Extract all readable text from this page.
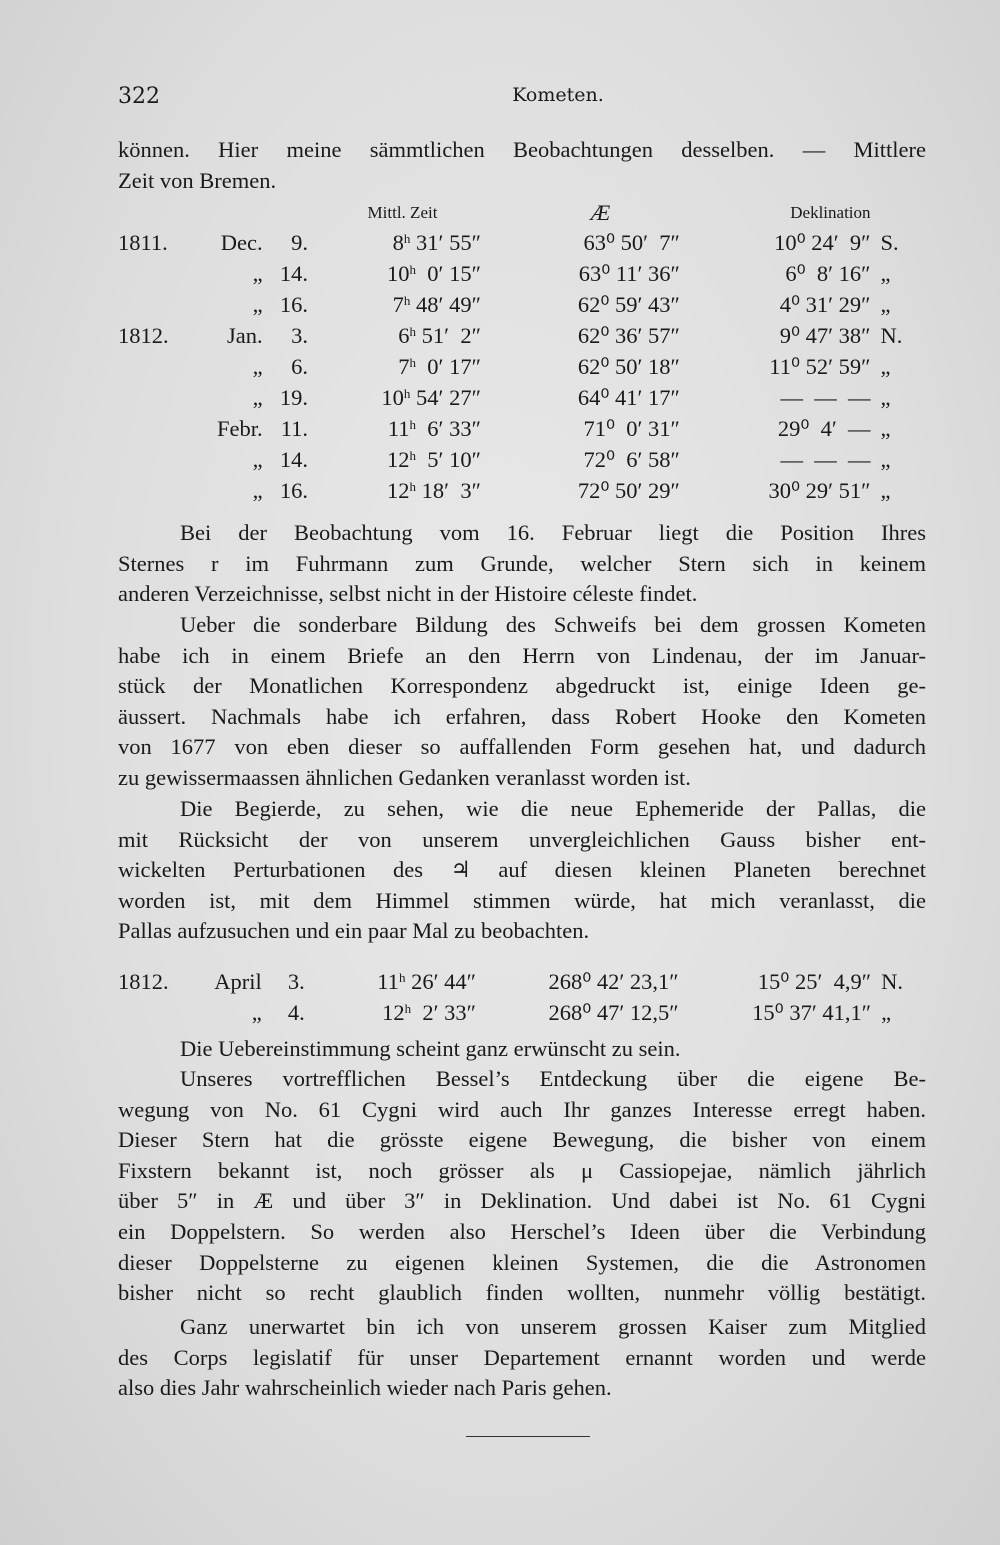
322	Kometen.
können. Hier meine sämmtlichen Beobachtungen desselben. — Mittlere
Zeit von Bremen.
			Mittl. Zeit	Æ	Deklination	
1811.	Dec.	9.	8$^h$ 31′ 55″	63⁰ 50′  7″	10⁰ 24′  9″	S.
	„	14.	10$^h$  0′ 15″	63⁰ 11′ 36″	6⁰  8′ 16″	„
	„	16.	7$^h$ 48′ 49″	62⁰ 59′ 43″	4⁰ 31′ 29″	„
1812.	Jan.	3.	6$^h$ 51′  2″	62⁰ 36′ 57″	9⁰ 47′ 38″	N.
	„	6.	7$^h$  0′ 17″	62⁰ 50′ 18″	11⁰ 52′ 59″	„
	„	19.	10$^h$ 54′ 27″	64⁰ 41′ 17″	—  —  —	„
	Febr.	11.	11$^h$  6′ 33″	71⁰  0′ 31″	29⁰  4′  —	„
	„	14.	12$^h$  5′ 10″	72⁰  6′ 58″	—  —  —	„
	„	16.	12$^h$ 18′  3″	72⁰ 50′ 29″	30⁰ 29′ 51″	„
Bei der Beobachtung vom 16. Februar liegt die Position Ihres
Sternes r im Fuhrmann zum Grunde, welcher Stern sich in keinem
anderen Verzeichnisse, selbst nicht in der Histoire céleste findet.
Ueber die sonderbare Bildung des Schweifs bei dem grossen Kometen
habe ich in einem Briefe an den Herrn von Lindenau, der im Januar-
stück der Monatlichen Korrespondenz abgedruckt ist, einige Ideen ge-
äussert. Nachmals habe ich erfahren, dass Robert Hooke den Kometen
von 1677 von eben dieser so auffallenden Form gesehen hat, und dadurch
zu gewissermaassen ähnlichen Gedanken veranlasst worden ist.
Die Begierde, zu sehen, wie die neue Ephemeride der Pallas, die
mit Rücksicht der von unserem unvergleichlichen Gauss bisher ent-
wickelten Perturbationen des ♃ auf diesen kleinen Planeten berechnet
worden ist, mit dem Himmel stimmen würde, hat mich veranlasst, die
Pallas aufzusuchen und ein paar Mal zu beobachten.
1812.	April	3.	11$^h$ 26′ 44″	268⁰ 42′ 23,1″	15⁰ 25′  4,9″	N.
	„	4.	12$^h$  2′ 33″	268⁰ 47′ 12,5″	15⁰ 37′ 41,1″	„
Die Uebereinstimmung scheint ganz erwünscht zu sein.
Unseres vortrefflichen Bessel’s Entdeckung über die eigene Be-
wegung von No. 61 Cygni wird auch Ihr ganzes Interesse erregt haben.
Dieser Stern hat die grösste eigene Bewegung, die bisher von einem
Fixstern bekannt ist, noch grösser als μ Cassiopejae, nämlich jährlich
über 5″ in Æ und über 3″ in Deklination. Und dabei ist No. 61 Cygni
ein Doppelstern. So werden also Herschel’s Ideen über die Verbindung
dieser Doppelsterne zu eigenen kleinen Systemen, die die Astronomen
bisher nicht so recht glaublich finden wollten, nunmehr völlig bestätigt.
Ganz unerwartet bin ich von unserem grossen Kaiser zum Mitglied
des Corps legislatif für unser Departement ernannt worden und werde
also dies Jahr wahrscheinlich wieder nach Paris gehen.
